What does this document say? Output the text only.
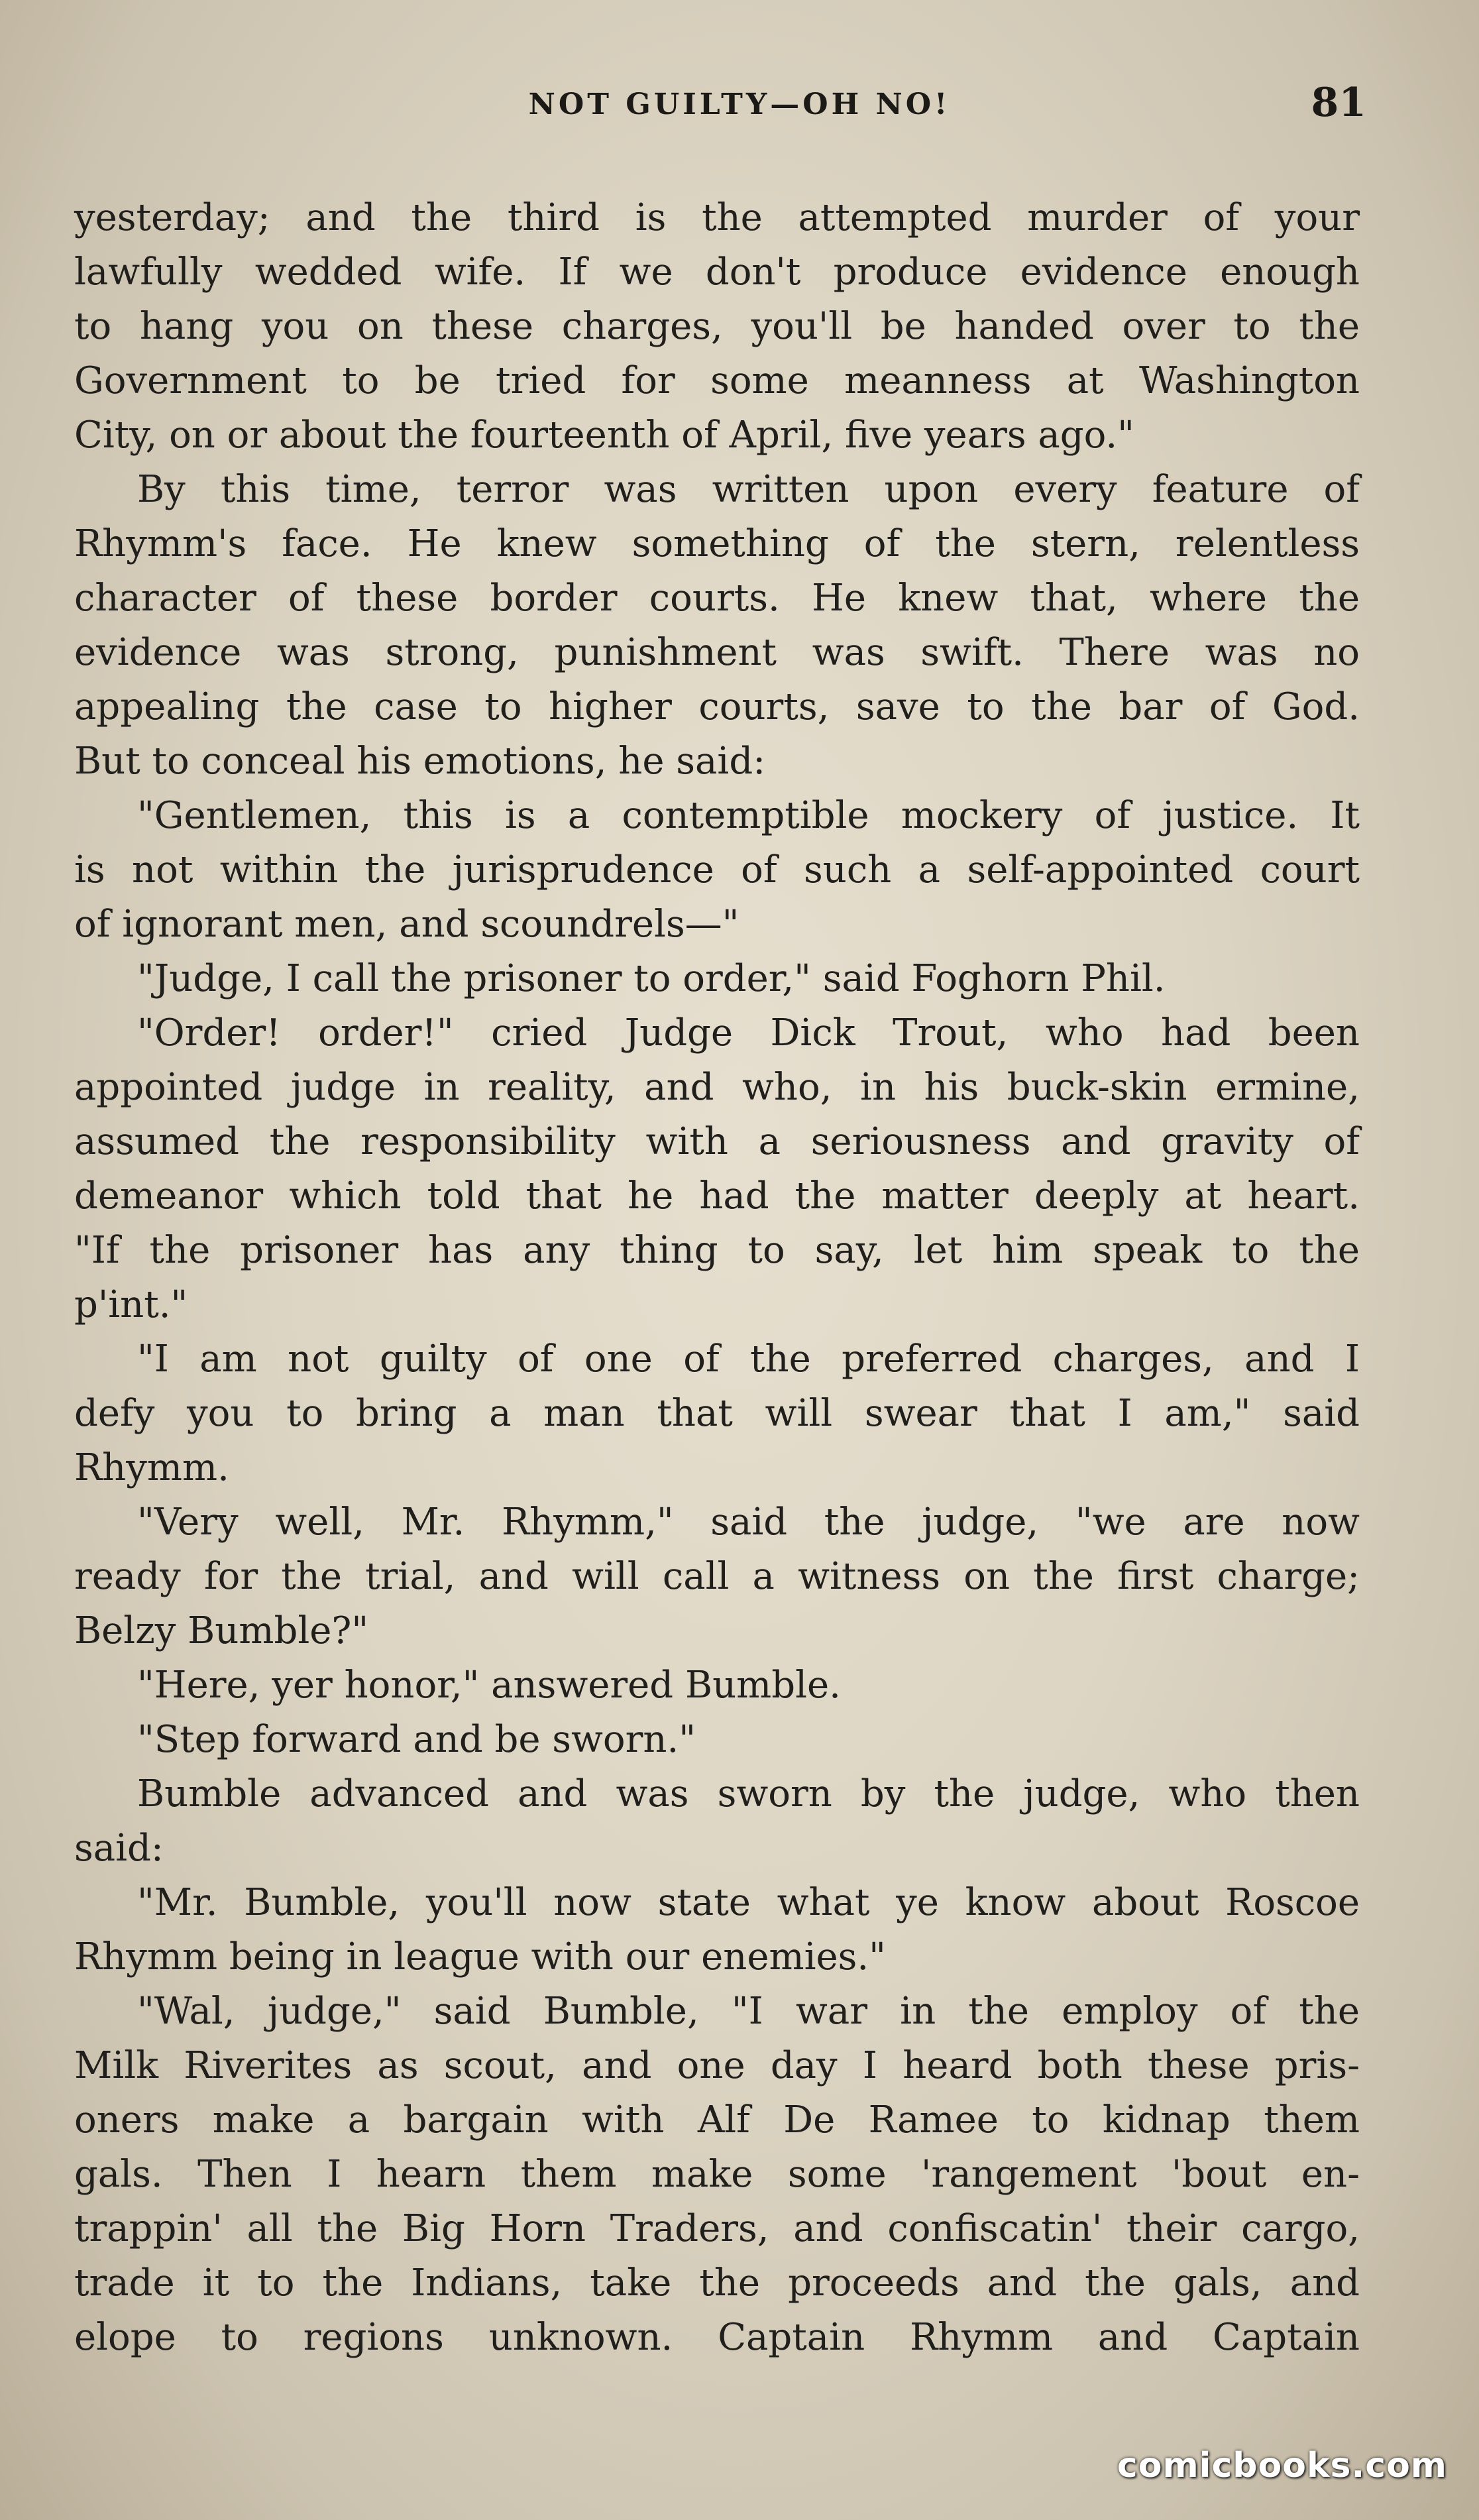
NOT GUILTY—OH NO!	81
yesterday; and the third is the attempted murder of your
lawfully wedded wife. If we don't produce evidence enough
to hang you on these charges, you'll be handed over to the
Government to be tried for some meanness at Washington
City, on or about the fourteenth of April, five years ago."
By this time, terror was written upon every feature of
Rhymm's face. He knew something of the stern, relentless
character of these border courts. He knew that, where the
evidence was strong, punishment was swift. There was no
appealing the case to higher courts, save to the bar of God.
But to conceal his emotions, he said:
"Gentlemen, this is a contemptible mockery of justice. It
is not within the jurisprudence of such a self-appointed court
of ignorant men, and scoundrels—"
"Judge, I call the prisoner to order," said Foghorn Phil.
"Order! order!" cried Judge Dick Trout, who had been
appointed judge in reality, and who, in his buck-skin ermine,
assumed the responsibility with a seriousness and gravity of
demeanor which told that he had the matter deeply at heart.
"If the prisoner has any thing to say, let him speak to the
p'int."
"I am not guilty of one of the preferred charges, and I
defy you to bring a man that will swear that I am," said
Rhymm.
"Very well, Mr. Rhymm," said the judge, "we are now
ready for the trial, and will call a witness on the first charge;
Belzy Bumble?"
"Here, yer honor," answered Bumble.
"Step forward and be sworn."
Bumble advanced and was sworn by the judge, who then
said:
"Mr. Bumble, you'll now state what ye know about Roscoe
Rhymm being in league with our enemies."
"Wal, judge," said Bumble, "I war in the employ of the
Milk Riverites as scout, and one day I heard both these pris-
oners make a bargain with Alf De Ramee to kidnap them
gals. Then I hearn them make some 'rangement 'bout en-
trappin' all the Big Horn Traders, and confiscatin' their cargo,
trade it to the Indians, take the proceeds and the gals, and
elope to regions unknown. Captain Rhymm and Captain
comicbooks.com
